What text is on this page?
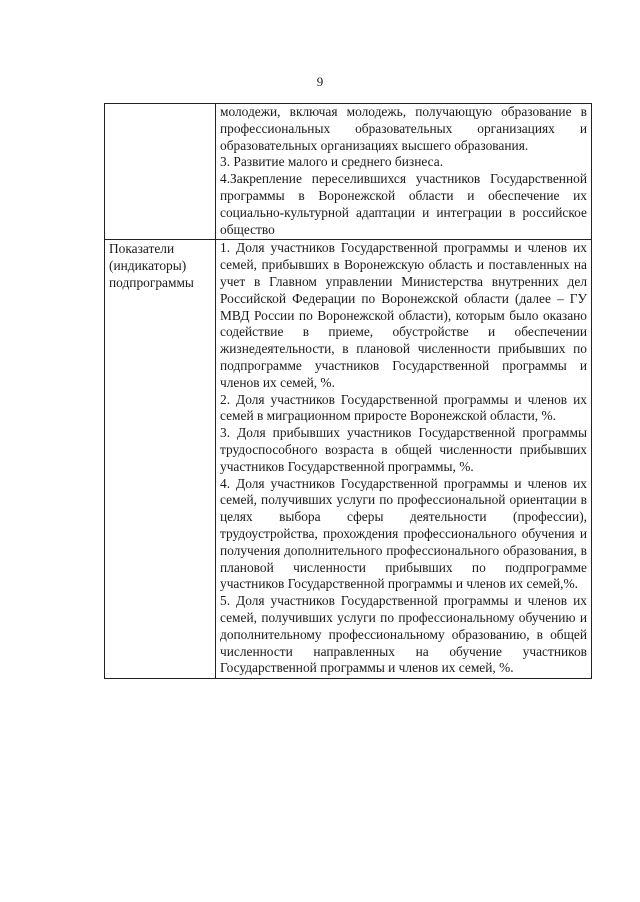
9

	молодежи, включая молодежь, получающую образование в профессиональных образовательных организациях и образовательных организациях высшего образования.

3. Развитие малого и среднего бизнеса.

4.Закрепление переселившихся участников Государственной программы в Воронежской области и обеспечение их социально-культурной адаптации и интеграции в российское общество

Показатели (индикаторы) подпрограммы	1. Доля участников Государственной программы и членов их семей, прибывших в Воронежскую область и поставленных на учет в Главном управлении Министерства внутренних дел Российской Федерации по Воронежской области (далее – ГУ МВД России по Воронежской области), которым было оказано содействие в приеме, обустройстве и обеспечении жизнедеятельности, в плановой численности прибывших по подпрограмме участников Государственной программы и членов их семей, %.

2. Доля участников Государственной программы и членов их семей в миграционном приросте Воронежской области, %.

3. Доля прибывших участников Государственной программы трудоспособного возраста в общей численности прибывших участников Государственной программы, %.

4. Доля участников Государственной программы и членов их семей, получивших услуги по профессиональной ориентации в целях выбора сферы деятельности (профессии), трудоустройства, прохождения профессионального обучения и получения дополнительного профессионального образования, в плановой численности прибывших по подпрограмме участников Государственной программы и членов их семей,%.

5. Доля участников Государственной программы и членов их семей, получивших услуги по профессиональному обучению и дополнительному профессиональному образованию, в общей численности направленных на обучение участников Государственной программы и членов их семей, %.
